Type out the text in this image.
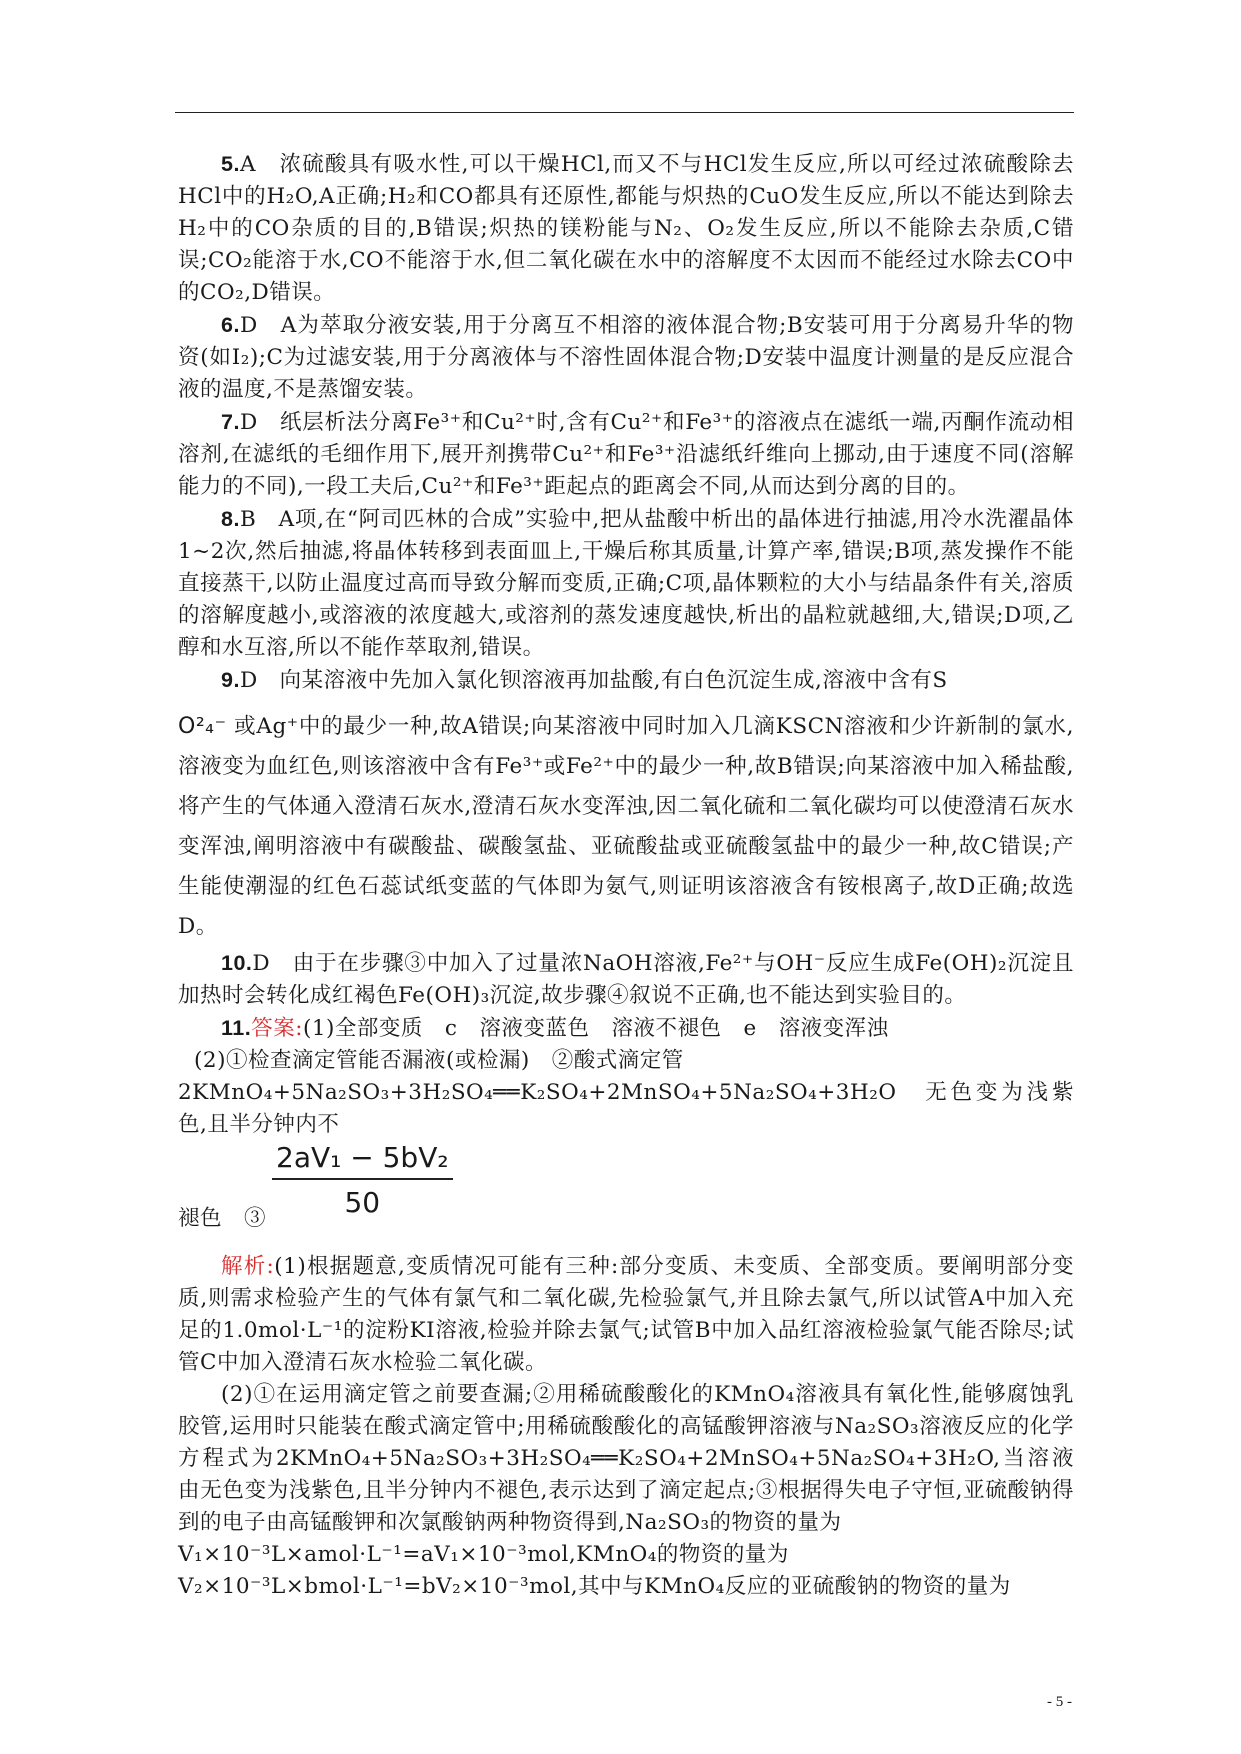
5.A　浓硫酸具有吸水性,可以干燥HCl,而又不与HCl发生反应,所以可经过浓硫酸除去HCl中的H₂O,A正确;H₂和CO都具有还原性,都能与炽热的CuO发生反应,所以不能达到除去H₂中的CO杂质的目的,B错误;炽热的镁粉能与N₂、O₂发生反应,所以不能除去杂质,C错误;CO₂能溶于水,CO不能溶于水,但二氧化碳在水中的溶解度不太因而不能经过水除去CO中的CO₂,D错误。

6.D　A为萃取分液安装,用于分离互不相溶的液体混合物;B安装可用于分离易升华的物资(如I₂);C为过滤安装,用于分离液体与不溶性固体混合物;D安装中温度计测量的是反应混合液的温度,不是蒸馏安装。

7.D　纸层析法分离Fe³⁺和Cu²⁺时,含有Cu²⁺和Fe³⁺的溶液点在滤纸一端,丙酮作流动相溶剂,在滤纸的毛细作用下,展开剂携带Cu²⁺和Fe³⁺沿滤纸纤维向上挪动,由于速度不同(溶解能力的不同),一段工夫后,Cu²⁺和Fe³⁺距起点的距离会不同,从而达到分离的目的。

8.B　A项,在“阿司匹林的合成”实验中,把从盐酸中析出的晶体进行抽滤,用冷水洗濯晶体1~2次,然后抽滤,将晶体转移到表面皿上,干燥后称其质量,计算产率,错误;B项,蒸发操作不能直接蒸干,以防止温度过高而导致分解而变质,正确;C项,晶体颗粒的大小与结晶条件有关,溶质的溶解度越小,或溶液的浓度越大,或溶剂的蒸发速度越快,析出的晶粒就越细,大,错误;D项,乙醇和水互溶,所以不能作萃取剂,错误。

9.D　向某溶液中先加入氯化钡溶液再加盐酸,有白色沉淀生成,溶液中含有S

O²₄⁻ 或Ag⁺中的最少一种,故A错误;向某溶液中同时加入几滴KSCN溶液和少许新制的氯水,溶液变为血红色,则该溶液中含有Fe³⁺或Fe²⁺中的最少一种,故B错误;向某溶液中加入稀盐酸,将产生的气体通入澄清石灰水,澄清石灰水变浑浊,因二氧化硫和二氧化碳均可以使澄清石灰水变浑浊,阐明溶液中有碳酸盐、碳酸氢盐、亚硫酸盐或亚硫酸氢盐中的最少一种,故C错误;产生能使潮湿的红色石蕊试纸变蓝的气体即为氨气,则证明该溶液含有铵根离子,故D正确;故选D。

10.D　由于在步骤③中加入了过量浓NaOH溶液,Fe²⁺与OH⁻反应生成Fe(OH)₂沉淀且加热时会转化成红褐色Fe(OH)₃沉淀,故步骤④叙说不正确,也不能达到实验目的。

11.答案:(1)全部变质　c　溶液变蓝色　溶液不褪色　e　溶液变浑浊

(2)①检查滴定管能否漏液(或检漏)　②酸式滴定管

2KMnO₄+5Na₂SO₃+3H₂SO₄══K₂SO₄+2MnSO₄+5Na₂SO₄+3H₂O　无色变为浅紫色,且半分钟内不

$\frac{\text{2aV₁ − 5bV₂}}{50}$

褪色　③

解析:(1)根据题意,变质情况可能有三种:部分变质、未变质、全部变质。要阐明部分变质,则需求检验产生的气体有氯气和二氧化碳,先检验氯气,并且除去氯气,所以试管A中加入充足的1.0mol·L⁻¹的淀粉KI溶液,检验并除去氯气;试管B中加入品红溶液检验氯气能否除尽;试管C中加入澄清石灰水检验二氧化碳。

(2)①在运用滴定管之前要查漏;②用稀硫酸酸化的KMnO₄溶液具有氧化性,能够腐蚀乳胶管,运用时只能装在酸式滴定管中;用稀硫酸酸化的高锰酸钾溶液与Na₂SO₃溶液反应的化学方程式为2KMnO₄+5Na₂SO₃+3H₂SO₄══K₂SO₄+2MnSO₄+5Na₂SO₄+3H₂O,当溶液由无色变为浅紫色,且半分钟内不褪色,表示达到了滴定起点;③根据得失电子守恒,亚硫酸钠得到的电子由高锰酸钾和次氯酸钠两种物资得到,Na₂SO₃的物资的量为

V₁×10⁻³L×amol·L⁻¹=aV₁×10⁻³mol,KMnO₄的物资的量为

V₂×10⁻³L×bmol·L⁻¹=bV₂×10⁻³mol,其中与KMnO₄反应的亚硫酸钠的物资的量为

- 5 -
